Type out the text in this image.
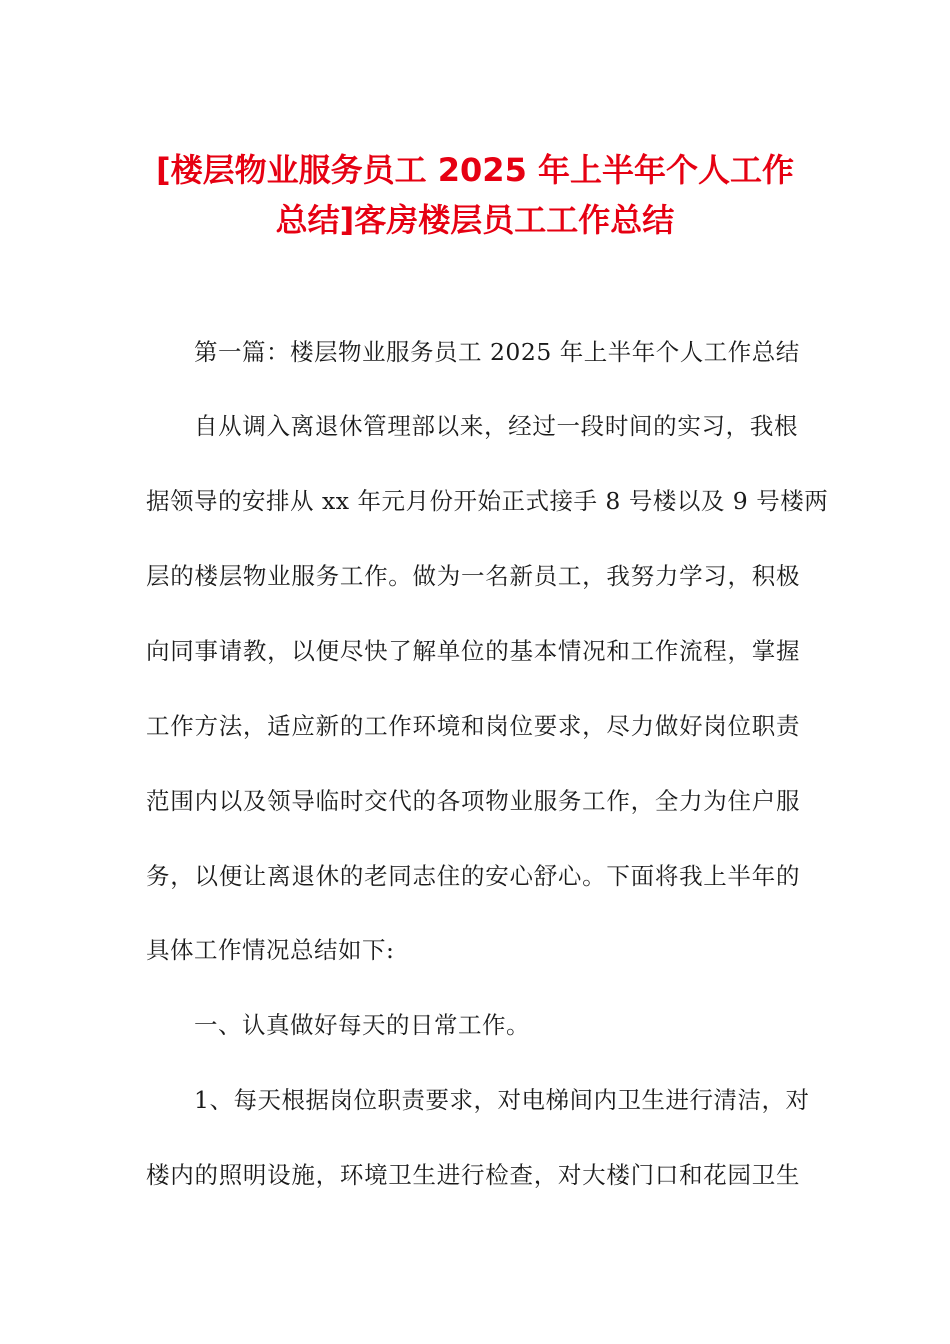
[楼层物业服务员工 2025 年上半年个人工作
总结]客房楼层员工工作总结
第一篇：楼层物业服务员工 2025 年上半年个人工作总结
自从调入离退休管理部以来，经过一段时间的实习，我根
据领导的安排从 xx 年元月份开始正式接手 8 号楼以及 9 号楼两
层的楼层物业服务工作。做为一名新员工，我努力学习，积极
向同事请教，以便尽快了解单位的基本情况和工作流程，掌握
工作方法，适应新的工作环境和岗位要求，尽力做好岗位职责
范围内以及领导临时交代的各项物业服务工作，全力为住户服
务，以便让离退休的老同志住的安心舒心。下面将我上半年的
具体工作情况总结如下:
一、认真做好每天的日常工作。
1、每天根据岗位职责要求，对电梯间内卫生进行清洁，对
楼内的照明设施，环境卫生进行检查，对大楼门口和花园卫生
